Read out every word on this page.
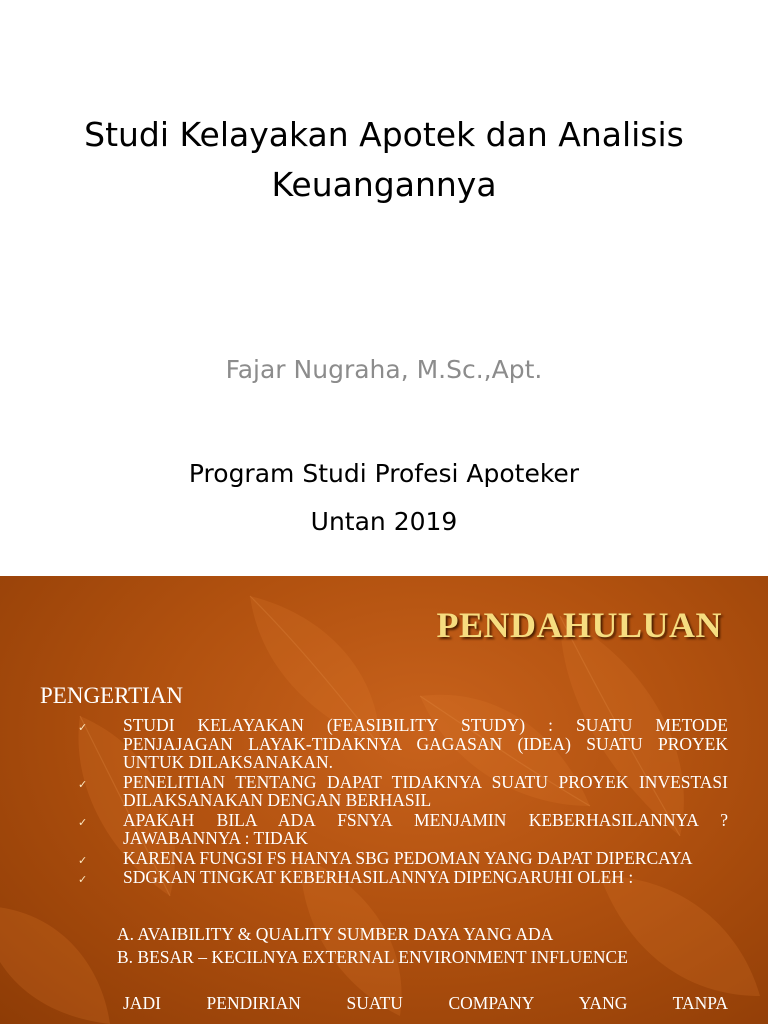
Studi Kelayakan Apotek dan Analisis
Keuangannya
Fajar Nugraha, M.Sc.,Apt.
Program Studi Profesi Apoteker
Untan 2019
PENDAHULUAN
PENGERTIAN
✓ STUDI KELAYAKAN (FEASIBILITY STUDY) : SUATU METODE PENJAJAGAN LAYAK-TIDAKNYA GAGASAN (IDEA) SUATU PROYEK UNTUK DILAKSANAKAN.
✓ PENELITIAN TENTANG DAPAT TIDAKNYA SUATU PROYEK INVESTASI DILAKSANAKAN DENGAN BERHASIL
✓ APAKAH BILA ADA FSNYA MENJAMIN KEBERHASILANNYA ? JAWABANNYA : TIDAK
✓ KARENA FUNGSI FS HANYA SBG PEDOMAN YANG DAPAT DIPERCAYA
✓ SDGKAN TINGKAT KEBERHASILANNYA DIPENGARUHI OLEH :
A. AVAIBILITY & QUALITY SUMBER DAYA YANG ADA
B. BESAR – KECILNYA EXTERNAL ENVIRONMENT INFLUENCE
JADI PENDIRIAN SUATU COMPANY YANG TANPA
